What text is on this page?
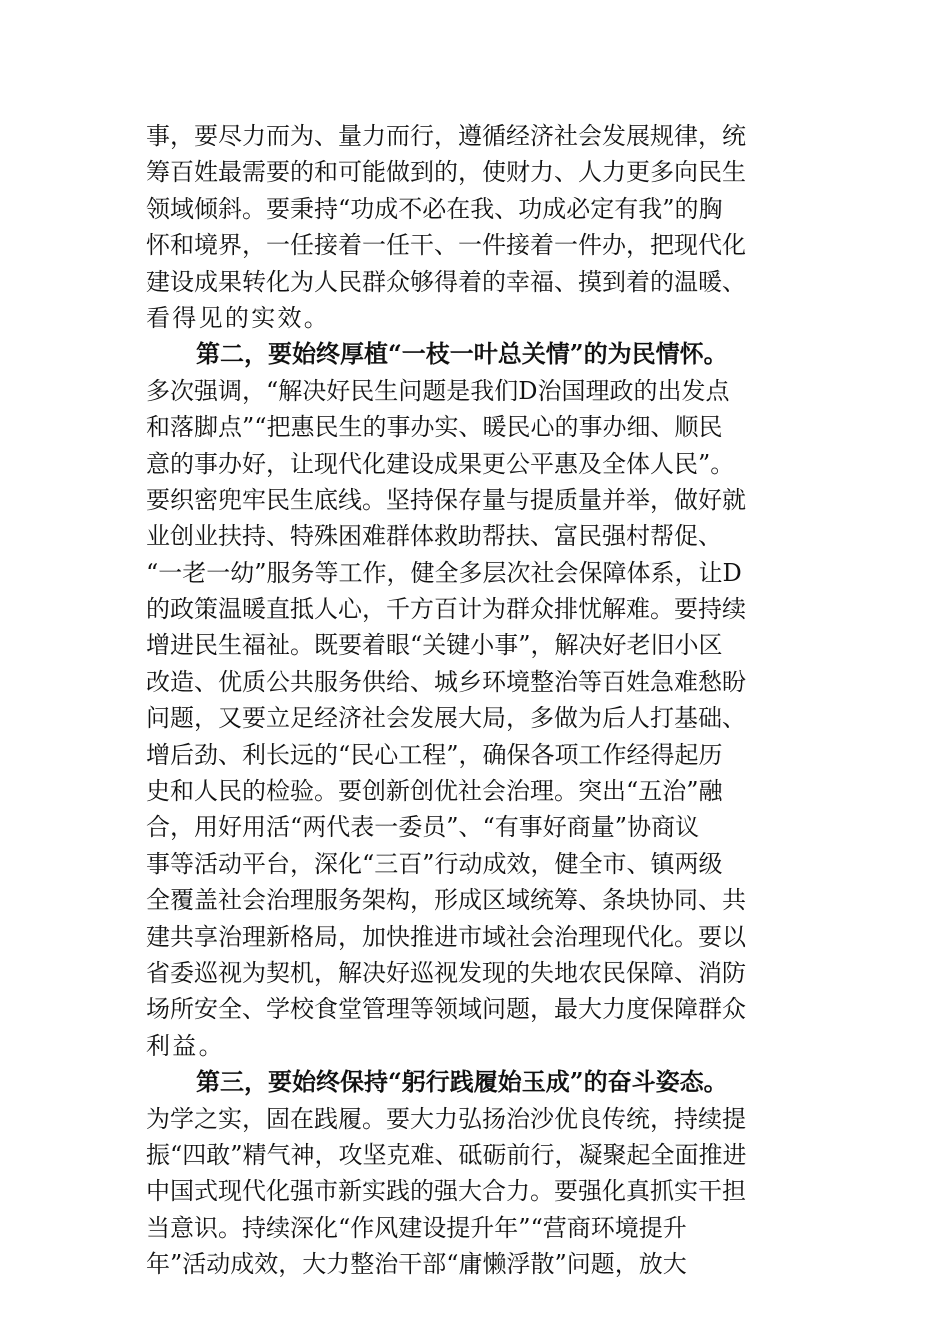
事，要尽力而为、量力而行，遵循经济社会发展规律，统
筹百姓最需要的和可能做到的，使财力、人力更多向民生
领域倾斜。要秉持“功成不必在我、功成必定有我”的胸
怀和境界，一任接着一任干、一件接着一件办，把现代化
建设成果转化为人民群众够得着的幸福、摸到着的温暖、
看得见的实效。
第二，要始终厚植“一枝一叶总关情”的为民情怀。
多次强调，“解决好民生问题是我们D治国理政的出发点
和落脚点”“把惠民生的事办实、暖民心的事办细、顺民
意的事办好，让现代化建设成果更公平惠及全体人民”。
要织密兜牢民生底线。坚持保存量与提质量并举，做好就
业创业扶持、特殊困难群体救助帮扶、富民强村帮促、
“一老一幼”服务等工作，健全多层次社会保障体系，让D
的政策温暖直抵人心，千方百计为群众排忧解难。要持续
增进民生福祉。既要着眼“关键小事”，解决好老旧小区
改造、优质公共服务供给、城乡环境整治等百姓急难愁盼
问题，又要立足经济社会发展大局，多做为后人打基础、
增后劲、利长远的“民心工程”，确保各项工作经得起历
史和人民的检验。要创新创优社会治理。突出“五治”融
合，用好用活“两代表一委员”、“有事好商量”协商议
事等活动平台，深化“三百”行动成效，健全市、镇两级
全覆盖社会治理服务架构，形成区域统筹、条块协同、共
建共享治理新格局，加快推进市域社会治理现代化。要以
省委巡视为契机，解决好巡视发现的失地农民保障、消防
场所安全、学校食堂管理等领域问题，最大力度保障群众
利益。
第三，要始终保持“躬行践履始玉成”的奋斗姿态。
为学之实，固在践履。要大力弘扬治沙优良传统，持续提
振“四敢”精气神，攻坚克难、砥砺前行，凝聚起全面推进
中国式现代化强市新实践的强大合力。要强化真抓实干担
当意识。持续深化“作风建设提升年”“营商环境提升
年”活动成效，大力整治干部“庸懒浮散”问题，放大
